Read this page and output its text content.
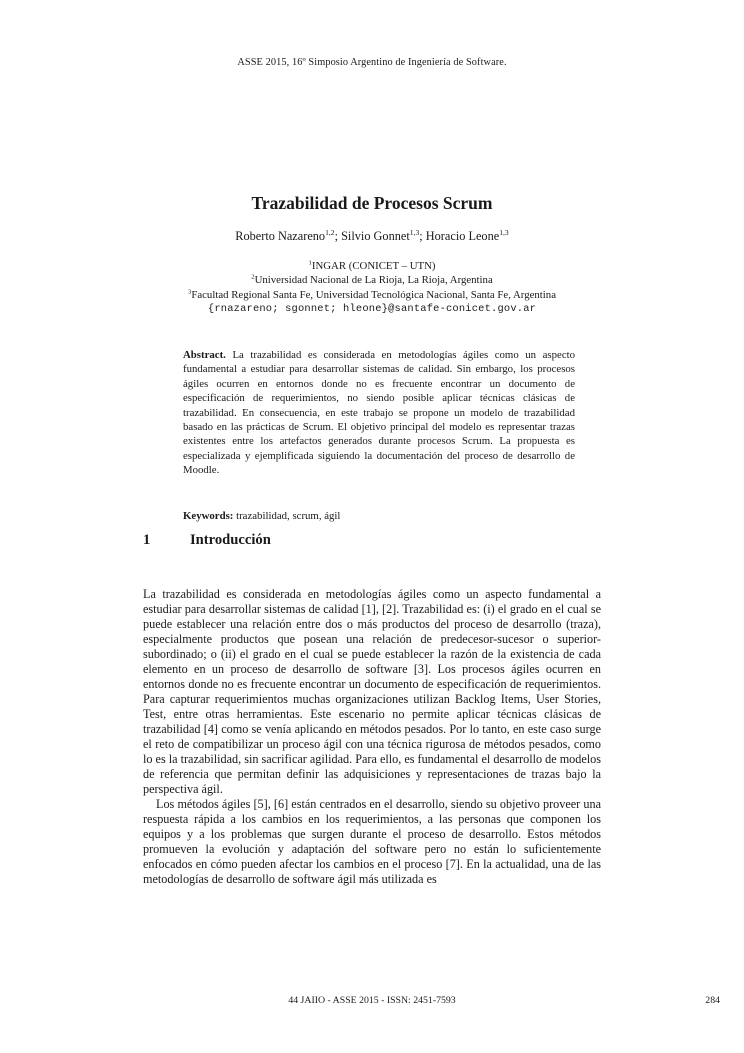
ASSE 2015, 16º Simposio Argentino de Ingeniería de Software.
Trazabilidad de Procesos Scrum
Roberto Nazareno$^{1,2}$; Silvio Gonnet$^{1,3}$; Horacio Leone$^{1,3}$
$^1$INGAR (CONICET – UTN)
$^2$Universidad Nacional de La Rioja, La Rioja, Argentina
$^3$Facultad Regional Santa Fe, Universidad Tecnológica Nacional, Santa Fe, Argentina
{rnazareno; sgonnet; hleone}@santafe-conicet.gov.ar
Abstract. La trazabilidad es considerada en metodologías ágiles como un aspecto fundamental a estudiar para desarrollar sistemas de calidad. Sin embargo, los procesos ágiles ocurren en entornos donde no es frecuente encontrar un documento de especificación de requerimientos, no siendo posible aplicar técnicas clásicas de trazabilidad. En consecuencia, en este trabajo se propone un modelo de trazabilidad basado en las prácticas de Scrum. El objetivo principal del modelo es representar trazas existentes entre los artefactos generados durante procesos Scrum. La propuesta es especializada y ejemplificada siguiendo la documentación del proceso de desarrollo de Moodle.
Keywords: trazabilidad, scrum, ágil
1	Introducción

La trazabilidad es considerada en metodologías ágiles como un aspecto fundamental a estudiar para desarrollar sistemas de calidad [1], [2]. Trazabilidad es: (i) el grado en el cual se puede establecer una relación entre dos o más productos del proceso de desarrollo (traza), especialmente productos que posean una relación de predecesor-sucesor o superior-subordinado; o (ii) el grado en el cual se puede establecer la razón de la existencia de cada elemento en un proceso de desarrollo de software [3]. Los procesos ágiles ocurren en entornos donde no es frecuente encontrar un documento de especificación de requerimientos. Para capturar requerimientos muchas organizaciones utilizan Backlog Items, User Stories, Test, entre otras herramientas. Este escenario no permite aplicar técnicas clásicas de trazabilidad [4] como se venía aplicando en métodos pesados. Por lo tanto, en este caso surge el reto de compatibilizar un proceso ágil con una técnica rigurosa de métodos pesados, como lo es la trazabilidad, sin sacrificar agilidad. Para ello, es fundamental el desarrollo de modelos de referencia que permitan definir las adquisiciones y representaciones de trazas bajo la perspectiva ágil.

Los métodos ágiles [5], [6] están centrados en el desarrollo, siendo su objetivo proveer una respuesta rápida a los cambios en los requerimientos, a las personas que componen los equipos y a los problemas que surgen durante el proceso de desarrollo. Estos métodos promueven la evolución y adaptación del software pero no están lo suficientemente enfocados en cómo pueden afectar los cambios en el proceso [7]. En la actualidad, una de las metodologías de desarrollo de software ágil más utilizada es

44 JAIIO - ASSE 2015 - ISSN: 2451-7593	284
